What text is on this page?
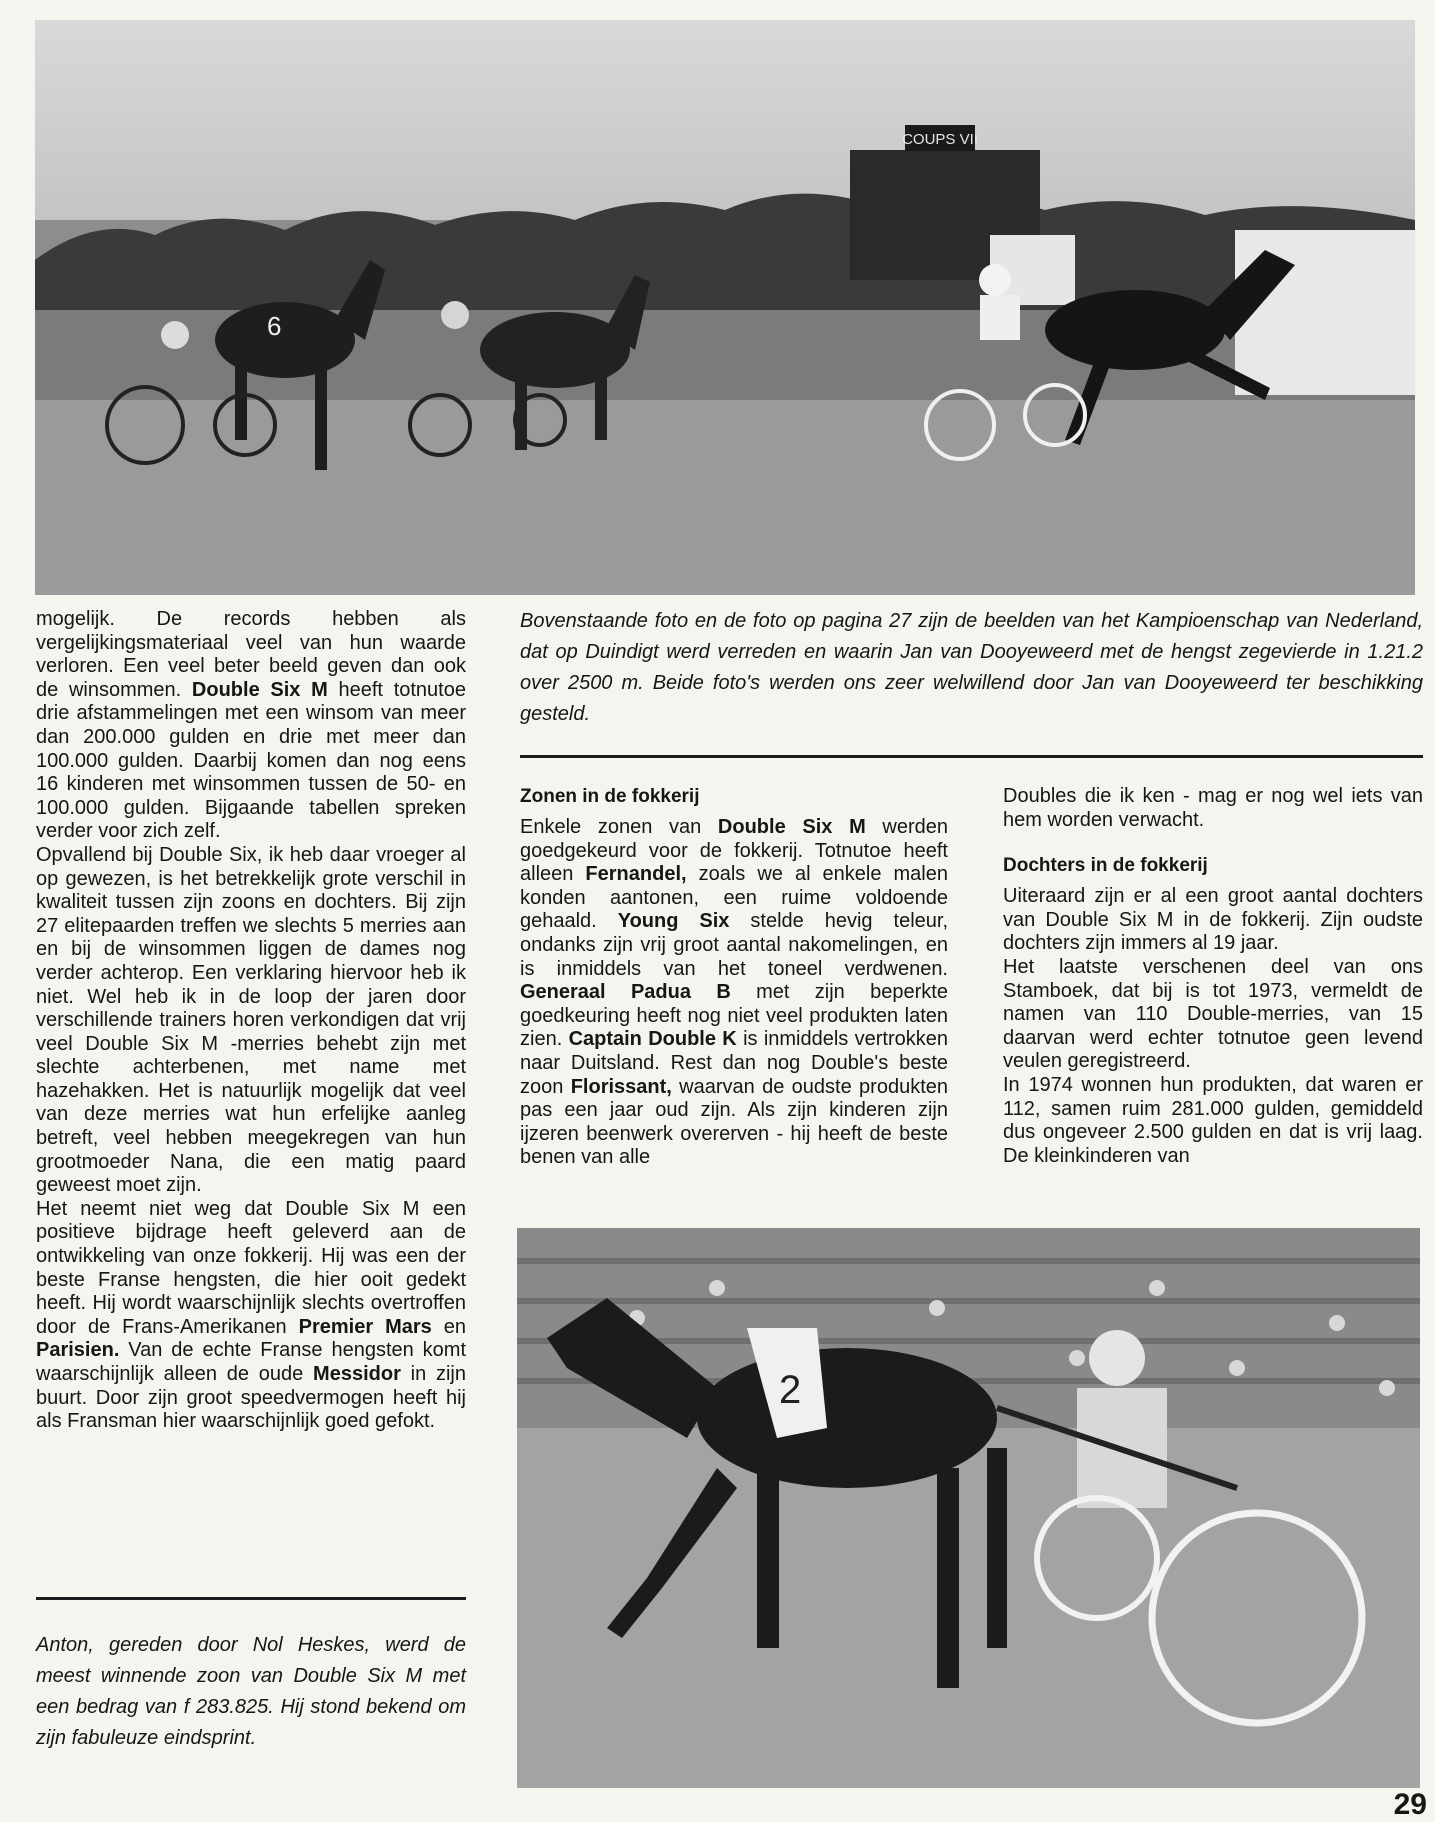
COUPS VII
6

Bovenstaande foto en de foto op pagina 27 zijn de beelden van het Kampioenschap van Nederland, dat op Duindigt werd verreden en waarin Jan van Dooyeweerd met de hengst zegevierde in 1.21.2 over 2500 m. Beide foto's werden ons zeer welwillend door Jan van Dooyeweerd ter beschikking gesteld.

mogelijk. De records hebben als vergelijkingsmateriaal veel van hun waarde verloren. Een veel beter beeld geven dan ook de winsommen. Double Six M heeft totnutoe drie afstammelingen met een winsom van meer dan 200.000 gulden en drie met meer dan 100.000 gulden. Daarbij komen dan nog eens 16 kinderen met winsommen tussen de 50- en 100.000 gulden. Bijgaande tabellen spreken verder voor zich zelf.

Opvallend bij Double Six, ik heb daar vroeger al op gewezen, is het betrekkelijk grote verschil in kwaliteit tussen zijn zoons en dochters. Bij zijn 27 elitepaarden treffen we slechts 5 merries aan en bij de winsommen liggen de dames nog verder achterop. Een verklaring hiervoor heb ik niet. Wel heb ik in de loop der jaren door verschillende trainers horen verkondigen dat vrij veel Double Six M -merries behebt zijn met slechte achterbenen, met name met hazehakken. Het is natuurlijk mogelijk dat veel van deze merries wat hun erfelijke aanleg betreft, veel hebben meegekregen van hun grootmoeder Nana, die een matig paard geweest moet zijn.

Het neemt niet weg dat Double Six M een positieve bijdrage heeft geleverd aan de ontwikkeling van onze fokkerij. Hij was een der beste Franse hengsten, die hier ooit gedekt heeft. Hij wordt waarschijnlijk slechts overtroffen door de Frans-Amerikanen Premier Mars en Parisien. Van de echte Franse hengsten komt waarschijnlijk alleen de oude Messidor in zijn buurt. Door zijn groot speedvermogen heeft hij als Fransman hier waarschijnlijk goed gefokt.

Anton, gereden door Nol Heskes, werd de meest winnende zoon van Double Six M met een bedrag van f 283.825. Hij stond bekend om zijn fabuleuze eindsprint.

Zonen in de fokkerij

Enkele zonen van Double Six M werden goedgekeurd voor de fokkerij. Totnutoe heeft alleen Fernandel, zoals we al enkele malen konden aantonen, een ruime voldoende gehaald. Young Six stelde hevig teleur, ondanks zijn vrij groot aantal nakomelingen, en is inmiddels van het toneel verdwenen. Generaal Padua B met zijn beperkte goedkeuring heeft nog niet veel produkten laten zien. Captain Double K is inmiddels vertrokken naar Duitsland. Rest dan nog Double's beste zoon Florissant, waarvan de oudste produkten pas een jaar oud zijn. Als zijn kinderen zijn ijzeren beenwerk overerven - hij heeft de beste benen van alle

Doubles die ik ken - mag er nog wel iets van hem worden verwacht.

Dochters in de fokkerij

Uiteraard zijn er al een groot aantal dochters van Double Six M in de fokkerij. Zijn oudste dochters zijn immers al 19 jaar.

Het laatste verschenen deel van ons Stamboek, dat bij is tot 1973, vermeldt de namen van 110 Double-merries, van 15 daarvan werd echter totnutoe geen levend veulen geregistreerd.

In 1974 wonnen hun produkten, dat waren er 112, samen ruim 281.000 gulden, gemiddeld dus ongeveer 2.500 gulden en dat is vrij laag. De kleinkinderen van

2
29
